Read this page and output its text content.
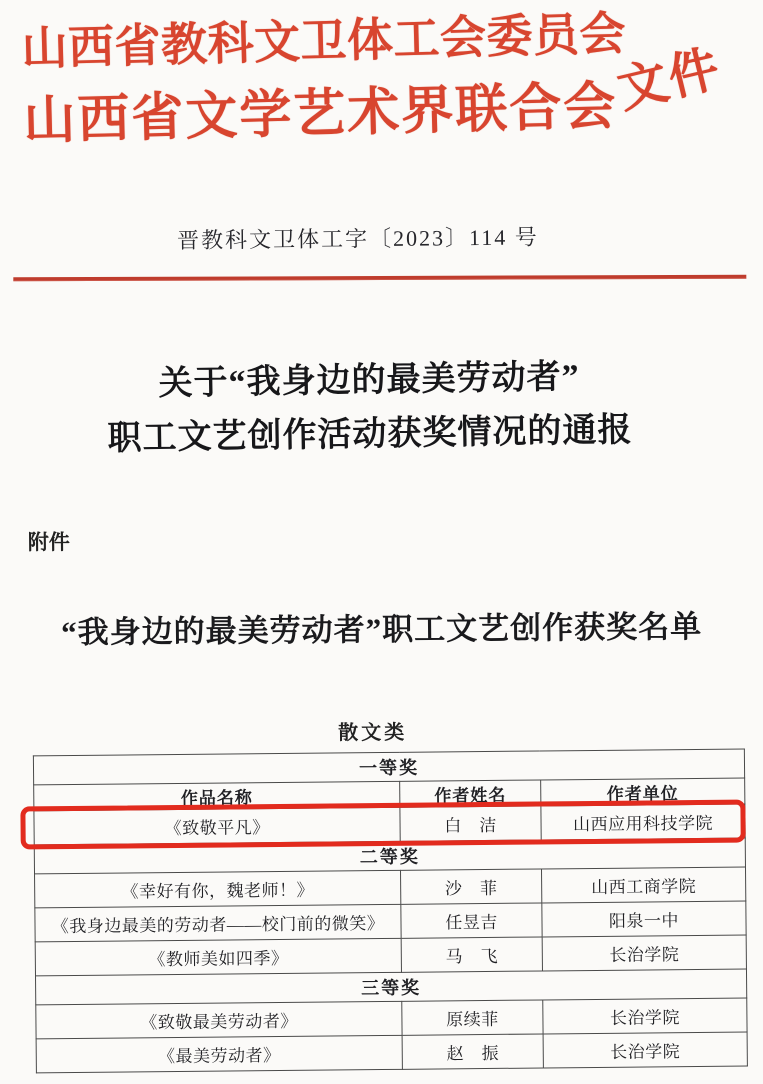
山西省教科文卫体工会委员会
山西省文学艺术界联合会
文件
晋教科文卫体工字〔2023〕114 号
关于“我身边的最美劳动者”
职工文艺创作活动获奖情况的通报
附件
“我身边的最美劳动者”职工文艺创作获奖名单
散文类
一等奖		
作品名称	作者姓名	作者单位
《致敬平凡》	白　洁	山西应用科技学院
二等奖		
《幸好有你，魏老师！》	沙　菲	山西工商学院
《我身边最美的劳动者——校门前的微笑》	任昱吉	阳泉一中
《教师美如四季》	马　飞	长治学院
三等奖		
《致敬最美劳动者》	原续菲	长治学院
《最美劳动者》	赵　振	长治学院
